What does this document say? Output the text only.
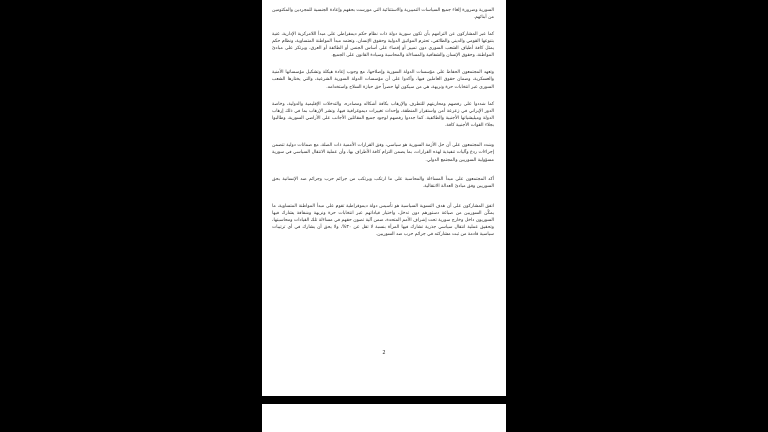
السورية وضرورة إلغاء جميع السياسات التمييزية والاستثنائية التي مورست بحقهم وإعادة الجنسية للمجردين والمكتومين من أبنائهم.

كما عبر المشاركون عن التزامهم بأن تكون سورية دولة ذات نظام حكم ديمقراطي على مبدأ اللامركزية الإدارية، غنية بتنوعها القومي والديني والطائفي، تحترم المواثيق الدولية وحقوق الإنسان، وتعتمد مبدأ المواطنة المتساوية، ونظام حكم يمثل كافة أطياف الشعب السوري دون تمييز أو إقصاء على أساس الجنس أو الطائفة أو العرق، ويرتكز على مبادئ المواطنة، وحقوق الإنسان والشفافية والمساءلة والمحاسبة وسيادة القانون على الجميع.

وتعهد المجتمعون الحفاظ على مؤسسات الدولة السورية وإصلاحها، مع وجوب إعادة هيكلة وتشكيل مؤسساتها الأمنية والعسكرية، وضمان حقوق العاملين فيها، وأكدوا على أن مؤسسات الدولة السورية الشرعية، والتي يختارها الشعب السوري عبر انتخابات حرة ونزيهة، هي من سيكون لها حصراً حق حيازة السلاح واستخدامه.

كما شددوا على رفضهم ومحاربتهم للتطرف والإرهاب بكافة أشكاله ومصادره، والتدخلات الإقليمية والدولية، وخاصة الدور الإيراني في زعزعة أمن واستقرار المنطقة، وإحداث تغييرات ديموغرافية فيها، ونشر الإرهاب بما في ذلك إرهاب الدولة وميليشياتها الأجنبية والطائفية. كما جددوا رفضهم لوجود جميع المقاتلين الأجانب على الأراضي السورية، وطالبوا بجلاء القوات الأجنبية كافة.

وشدد المجتمعون على أن حل الأزمة السورية هو سياسي، وفق القرارات الأممية ذات الصلة، مع ضمانات دولية تتضمن إجراءات ردع وآليات تنفيذية لهذه القرارات، بما يضمن التزام كافة الأطراف بها، وأن عملية الانتقال السياسي في سورية مسؤولية السوريين والمجتمع الدولي.

أكد المجتمعون على مبدأ المساءلة والمحاسبة على ما ارتكب ويرتكب من جرائم حرب وجرائم ضد الإنسانية بحق السوريين وفق مبادئ العدالة الانتقالية.

اتفق المشاركون على أن هدف التسوية السياسية هو تأسيس دولة ديموقراطية تقوم على مبدأ المواطنة المتساوية، ما يمكّن السوريين من صياغة دستورهم دون تدخل، واختيار قياداتهم عبر انتخابات حرة ونزيهة وشفافة يشارك فيها السوريون داخل وخارج سورية تحت إشراف الأمم المتحدة، ضمن آلية تصون حقهم في مساءلة تلك القيادات ومحاسبتها، وتحقيق عملية انتقال سياسي جذرية تشارك فيها المرأة بنسبة لا تقل عن ٣٠%، ولا يحق أن يشارك في أي ترتيبات سياسية قادمة من ثبت مشاركته في جرائم حرب ضد السوريين.

2
